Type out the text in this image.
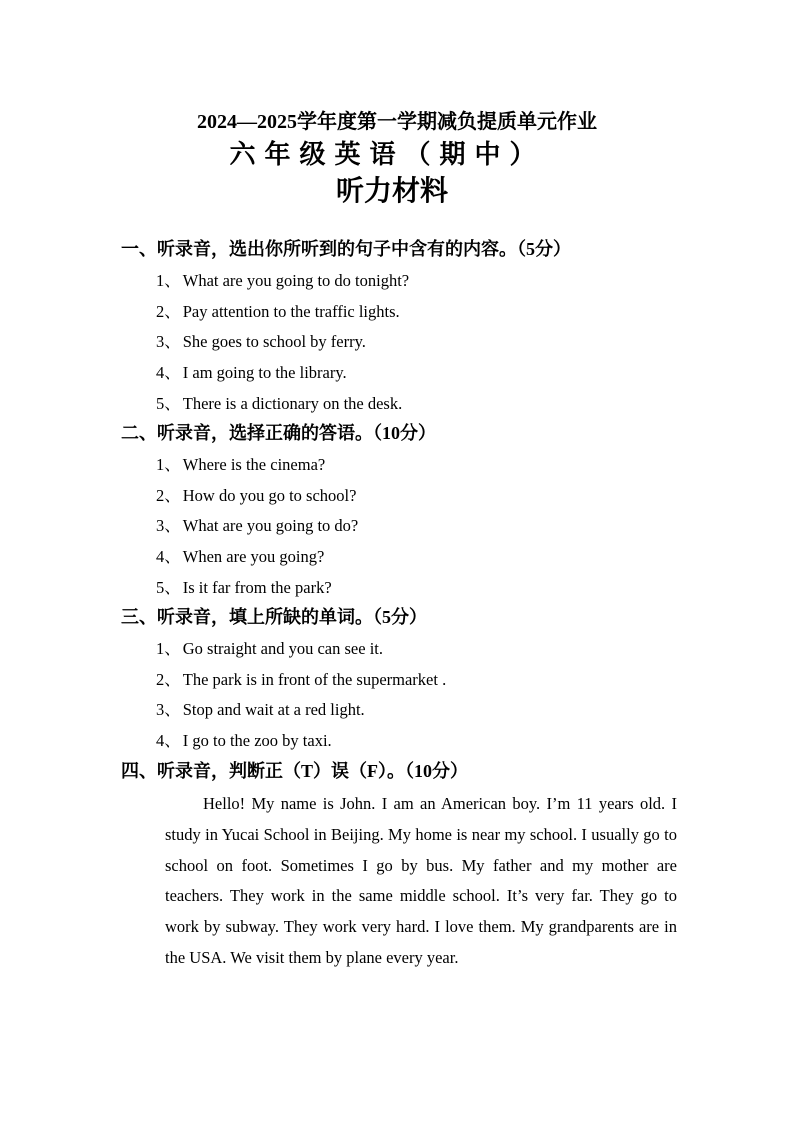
2024—2025学年度第一学期减负提质单元作业
六年级英语（期中）
听力材料
一、听录音，选出你所听到的句子中含有的内容。（5分）
1、 What are you going to do tonight?
2、 Pay attention to the traffic lights.
3、 She goes to school by ferry.
4、 I am going to the library.
5、 There is a dictionary on the desk.
二、听录音，选择正确的答语。（10分）
1、 Where is the cinema?
2、 How do you go to school?
3、 What are you going to do?
4、 When are you going?
5、 Is it far from the park?
三、听录音，填上所缺的单词。（5分）
1、 Go straight and you can see it.
2、 The park is in front of the supermarket .
3、 Stop and wait at a red light.
4、 I go to the zoo by taxi.
四、听录音，判断正（T）误（F）。（10分）
Hello! My name is John. I am an American boy. I’m 11 years old. I study in Yucai School in Beijing. My home is near my school. I usually go to school on foot. Sometimes I go by bus. My father and my mother are teachers. They work in the same middle school. It’s very far. They go to work by subway. They work very hard. I love them. My grandparents are in the USA. We visit them by plane every year.
